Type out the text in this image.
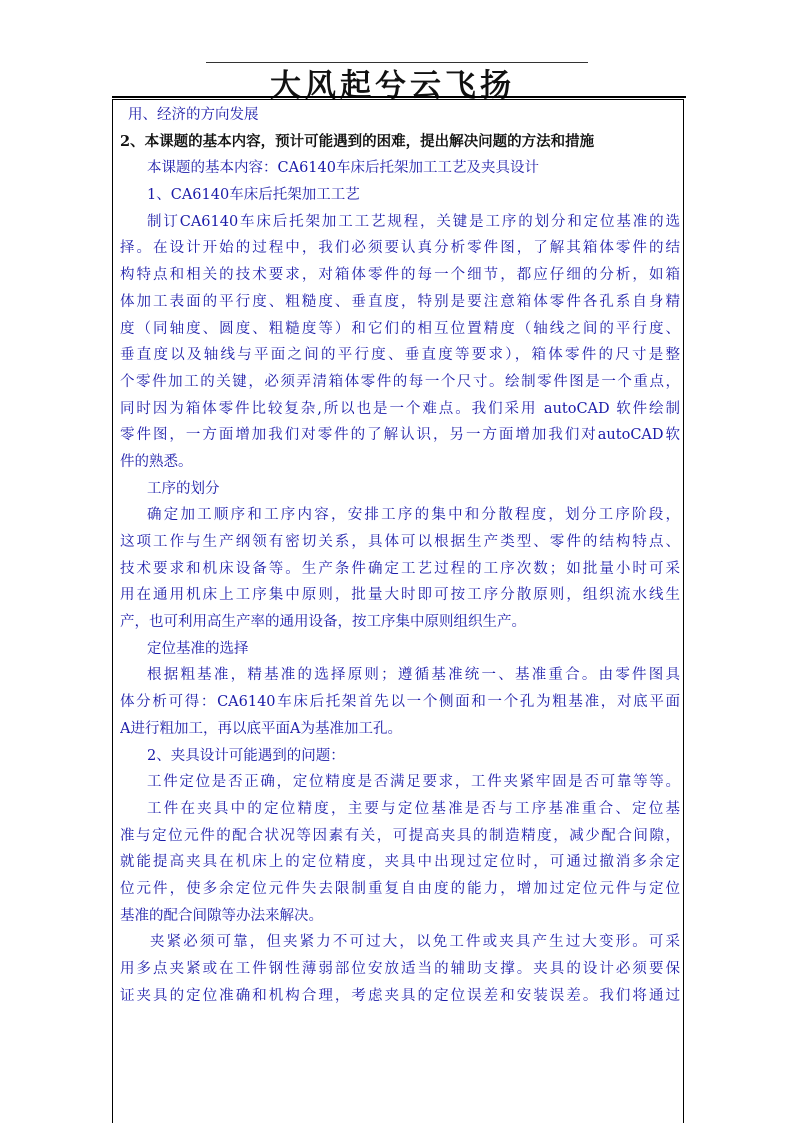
大风起兮云飞扬
用、经济的方向发展
2、本课题的基本内容，预计可能遇到的困难，提出解决问题的方法和措施
本课题的基本内容：CA6140车床后托架加工工艺及夹具设计
1、CA6140车床后托架加工工艺
制订CA6140车床后托架加工工艺规程，关键是工序的划分和定位基准的选
择。在设计开始的过程中，我们必须要认真分析零件图，了解其箱体零件的结
构特点和相关的技术要求，对箱体零件的每一个细节，都应仔细的分析，如箱
体加工表面的平行度、粗糙度、垂直度，特别是要注意箱体零件各孔系自身精
度（同轴度、圆度、粗糙度等）和它们的相互位置精度（轴线之间的平行度、
垂直度以及轴线与平面之间的平行度、垂直度等要求），箱体零件的尺寸是整
个零件加工的关键，必须弄清箱体零件的每一个尺寸。绘制零件图是一个重点，
同时因为箱体零件比较复杂,所以也是一个难点。我们采用 autoCAD 软件绘制
零件图，一方面增加我们对零件的了解认识，另一方面增加我们对autoCAD软
件的熟悉。
工序的划分
确定加工顺序和工序内容，安排工序的集中和分散程度，划分工序阶段，
这项工作与生产纲领有密切关系，具体可以根据生产类型、零件的结构特点、
技术要求和机床设备等。生产条件确定工艺过程的工序次数；如批量小时可采
用在通用机床上工序集中原则，批量大时即可按工序分散原则，组织流水线生
产，也可利用高生产率的通用设备，按工序集中原则组织生产。
定位基准的选择
根据粗基准，精基准的选择原则；遵循基准统一、基准重合。由零件图具
体分析可得：CA6140车床后托架首先以一个侧面和一个孔为粗基准，对底平面
A进行粗加工，再以底平面A为基准加工孔。
2、夹具设计可能遇到的问题：
工件定位是否正确，定位精度是否满足要求，工件夹紧牢固是否可靠等等。
工件在夹具中的定位精度，主要与定位基准是否与工序基准重合、定位基
准与定位元件的配合状况等因素有关，可提高夹具的制造精度，减少配合间隙，
就能提高夹具在机床上的定位精度，夹具中出现过定位时，可通过撤消多余定
位元件，使多余定位元件失去限制重复自由度的能力，增加过定位元件与定位
基准的配合间隙等办法来解决。
夹紧必须可靠，但夹紧力不可过大，以免工件或夹具产生过大变形。可采
用多点夹紧或在工件钢性薄弱部位安放适当的辅助支撑。夹具的设计必须要保
证夹具的定位准确和机构合理，考虑夹具的定位误差和安装误差。我们将通过
